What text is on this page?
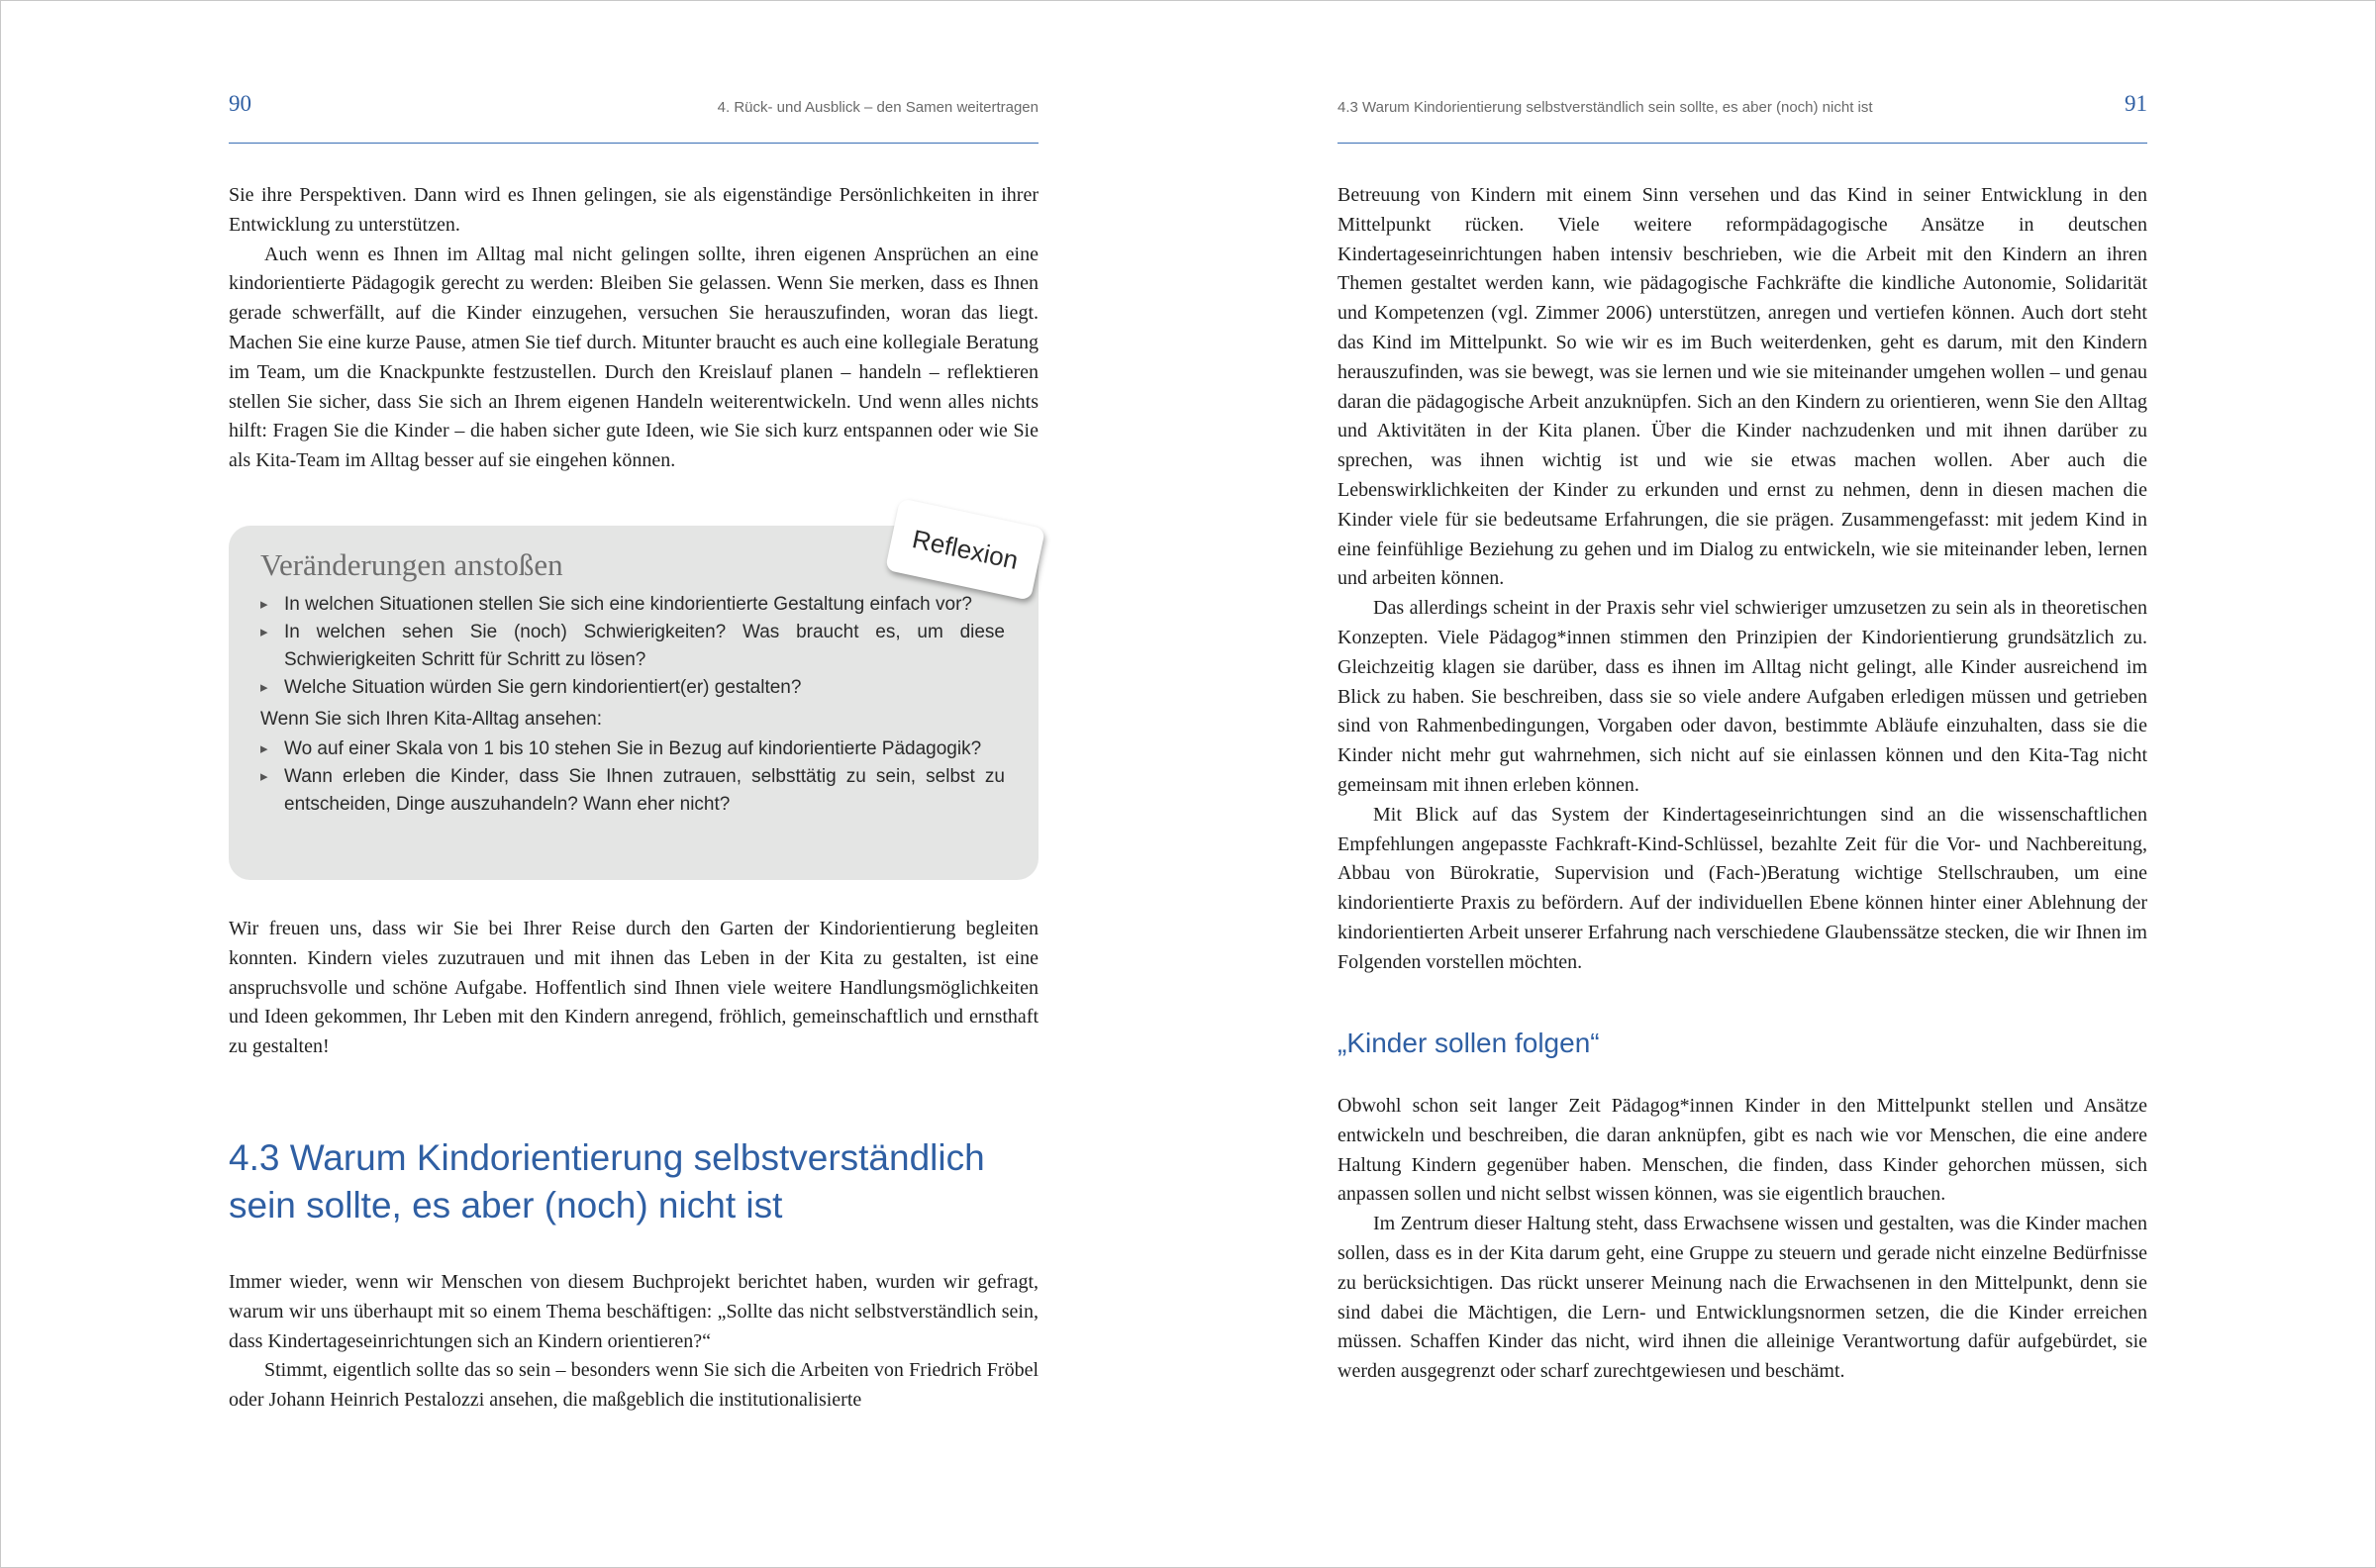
90	4. Rück- und Ausblick – den Samen weitertragen

Sie ihre Perspektiven. Dann wird es Ihnen gelingen, sie als eigenständige Persönlichkeiten in ihrer Entwicklung zu unterstützen.

Auch wenn es Ihnen im Alltag mal nicht gelingen sollte, ihren eigenen Ansprüchen an eine kindorientierte Pädagogik gerecht zu werden: Bleiben Sie gelassen. Wenn Sie merken, dass es Ihnen gerade schwerfällt, auf die Kinder einzugehen, versuchen Sie herauszufinden, woran das liegt. Machen Sie eine kurze Pause, atmen Sie tief durch. Mitunter braucht es auch eine kollegiale Beratung im Team, um die Knackpunkte festzustellen. Durch den Kreislauf planen – handeln – reflektieren stellen Sie sicher, dass Sie sich an Ihrem eigenen Handeln weiterentwickeln. Und wenn alles nichts hilft: Fragen Sie die Kinder – die haben sicher gute Ideen, wie Sie sich kurz entspannen oder wie Sie als Kita-Team im Alltag besser auf sie eingehen können.

Veränderungen anstoßen
▸ In welchen Situationen stellen Sie sich eine kindorientierte Gestaltung einfach vor?
▸ In welchen sehen Sie (noch) Schwierigkeiten? Was braucht es, um diese Schwierigkeiten Schritt für Schritt zu lösen?
▸ Welche Situation würden Sie gern kindorientiert(er) gestalten?
Wenn Sie sich Ihren Kita-Alltag ansehen:
▸ Wo auf einer Skala von 1 bis 10 stehen Sie in Bezug auf kindorientierte Pädagogik?
▸ Wann erleben die Kinder, dass Sie Ihnen zutrauen, selbsttätig zu sein, selbst zu entscheiden, Dinge auszuhandeln? Wann eher nicht?
Reflexion

Wir freuen uns, dass wir Sie bei Ihrer Reise durch den Garten der Kindorientierung begleiten konnten. Kindern vieles zuzutrauen und mit ihnen das Leben in der Kita zu gestalten, ist eine anspruchsvolle und schöne Aufgabe. Hoffentlich sind Ihnen viele weitere Handlungsmöglichkeiten und Ideen gekommen, Ihr Leben mit den Kindern anregend, fröhlich, gemeinschaftlich und ernsthaft zu gestalten!

4.3 Warum Kindorientierung selbstverständlich
sein sollte, es aber (noch) nicht ist

Immer wieder, wenn wir Menschen von diesem Buchprojekt berichtet haben, wurden wir gefragt, warum wir uns überhaupt mit so einem Thema beschäftigen: „Sollte das nicht selbstverständlich sein, dass Kindertageseinrichtungen sich an Kindern orientieren?“

Stimmt, eigentlich sollte das so sein – besonders wenn Sie sich die Arbeiten von Friedrich Fröbel oder Johann Heinrich Pestalozzi ansehen, die maßgeblich die institutionalisierte

4.3 Warum Kindorientierung selbstverständlich sein sollte, es aber (noch) nicht ist	91

Betreuung von Kindern mit einem Sinn versehen und das Kind in seiner Entwicklung in den Mittelpunkt rücken. Viele weitere reformpädagogische Ansätze in deutschen Kindertageseinrichtungen haben intensiv beschrieben, wie die Arbeit mit den Kindern an ihren Themen gestaltet werden kann, wie pädagogische Fachkräfte die kindliche Autonomie, Solidarität und Kompetenzen (vgl. Zimmer 2006) unterstützen, anregen und vertiefen können. Auch dort steht das Kind im Mittelpunkt. So wie wir es im Buch weiterdenken, geht es darum, mit den Kindern herauszufinden, was sie bewegt, was sie lernen und wie sie miteinander umgehen wollen – und genau daran die pädagogische Arbeit anzuknüpfen. Sich an den Kindern zu orientieren, wenn Sie den Alltag und Aktivitäten in der Kita planen. Über die Kinder nachzudenken und mit ihnen darüber zu sprechen, was ihnen wichtig ist und wie sie etwas machen wollen. Aber auch die Lebenswirklichkeiten der Kinder zu erkunden und ernst zu nehmen, denn in diesen machen die Kinder viele für sie bedeutsame Erfahrungen, die sie prägen. Zusammengefasst: mit jedem Kind in eine feinfühlige Beziehung zu gehen und im Dialog zu entwickeln, wie sie miteinander leben, lernen und arbeiten können.

Das allerdings scheint in der Praxis sehr viel schwieriger umzusetzen zu sein als in theoretischen Konzepten. Viele Pädagog*innen stimmen den Prinzipien der Kindorientierung grundsätzlich zu. Gleichzeitig klagen sie darüber, dass es ihnen im Alltag nicht gelingt, alle Kinder ausreichend im Blick zu haben. Sie beschreiben, dass sie so viele andere Aufgaben erledigen müssen und getrieben sind von Rahmenbedingungen, Vorgaben oder davon, bestimmte Abläufe einzuhalten, dass sie die Kinder nicht mehr gut wahrnehmen, sich nicht auf sie einlassen können und den Kita-Tag nicht gemeinsam mit ihnen erleben können.

Mit Blick auf das System der Kindertageseinrichtungen sind an die wissenschaftlichen Empfehlungen angepasste Fachkraft-Kind-Schlüssel, bezahlte Zeit für die Vor- und Nachbereitung, Abbau von Bürokratie, Supervision und (Fach-)Beratung wichtige Stellschrauben, um eine kindorientierte Praxis zu befördern. Auf der individuellen Ebene können hinter einer Ablehnung der kindorientierten Arbeit unserer Erfahrung nach verschiedene Glaubenssätze stecken, die wir Ihnen im Folgenden vorstellen möchten.

„Kinder sollen folgen“

Obwohl schon seit langer Zeit Pädagog*innen Kinder in den Mittelpunkt stellen und Ansätze entwickeln und beschreiben, die daran anknüpfen, gibt es nach wie vor Menschen, die eine andere Haltung Kindern gegenüber haben. Menschen, die finden, dass Kinder gehorchen müssen, sich anpassen sollen und nicht selbst wissen können, was sie eigentlich brauchen.

Im Zentrum dieser Haltung steht, dass Erwachsene wissen und gestalten, was die Kinder machen sollen, dass es in der Kita darum geht, eine Gruppe zu steuern und gerade nicht einzelne Bedürfnisse zu berücksichtigen. Das rückt unserer Meinung nach die Erwachsenen in den Mittelpunkt, denn sie sind dabei die Mächtigen, die Lern- und Entwicklungsnormen setzen, die die Kinder erreichen müssen. Schaffen Kinder das nicht, wird ihnen die alleinige Verantwortung dafür aufgebürdet, sie werden ausgegrenzt oder scharf zurechtgewiesen und beschämt.
